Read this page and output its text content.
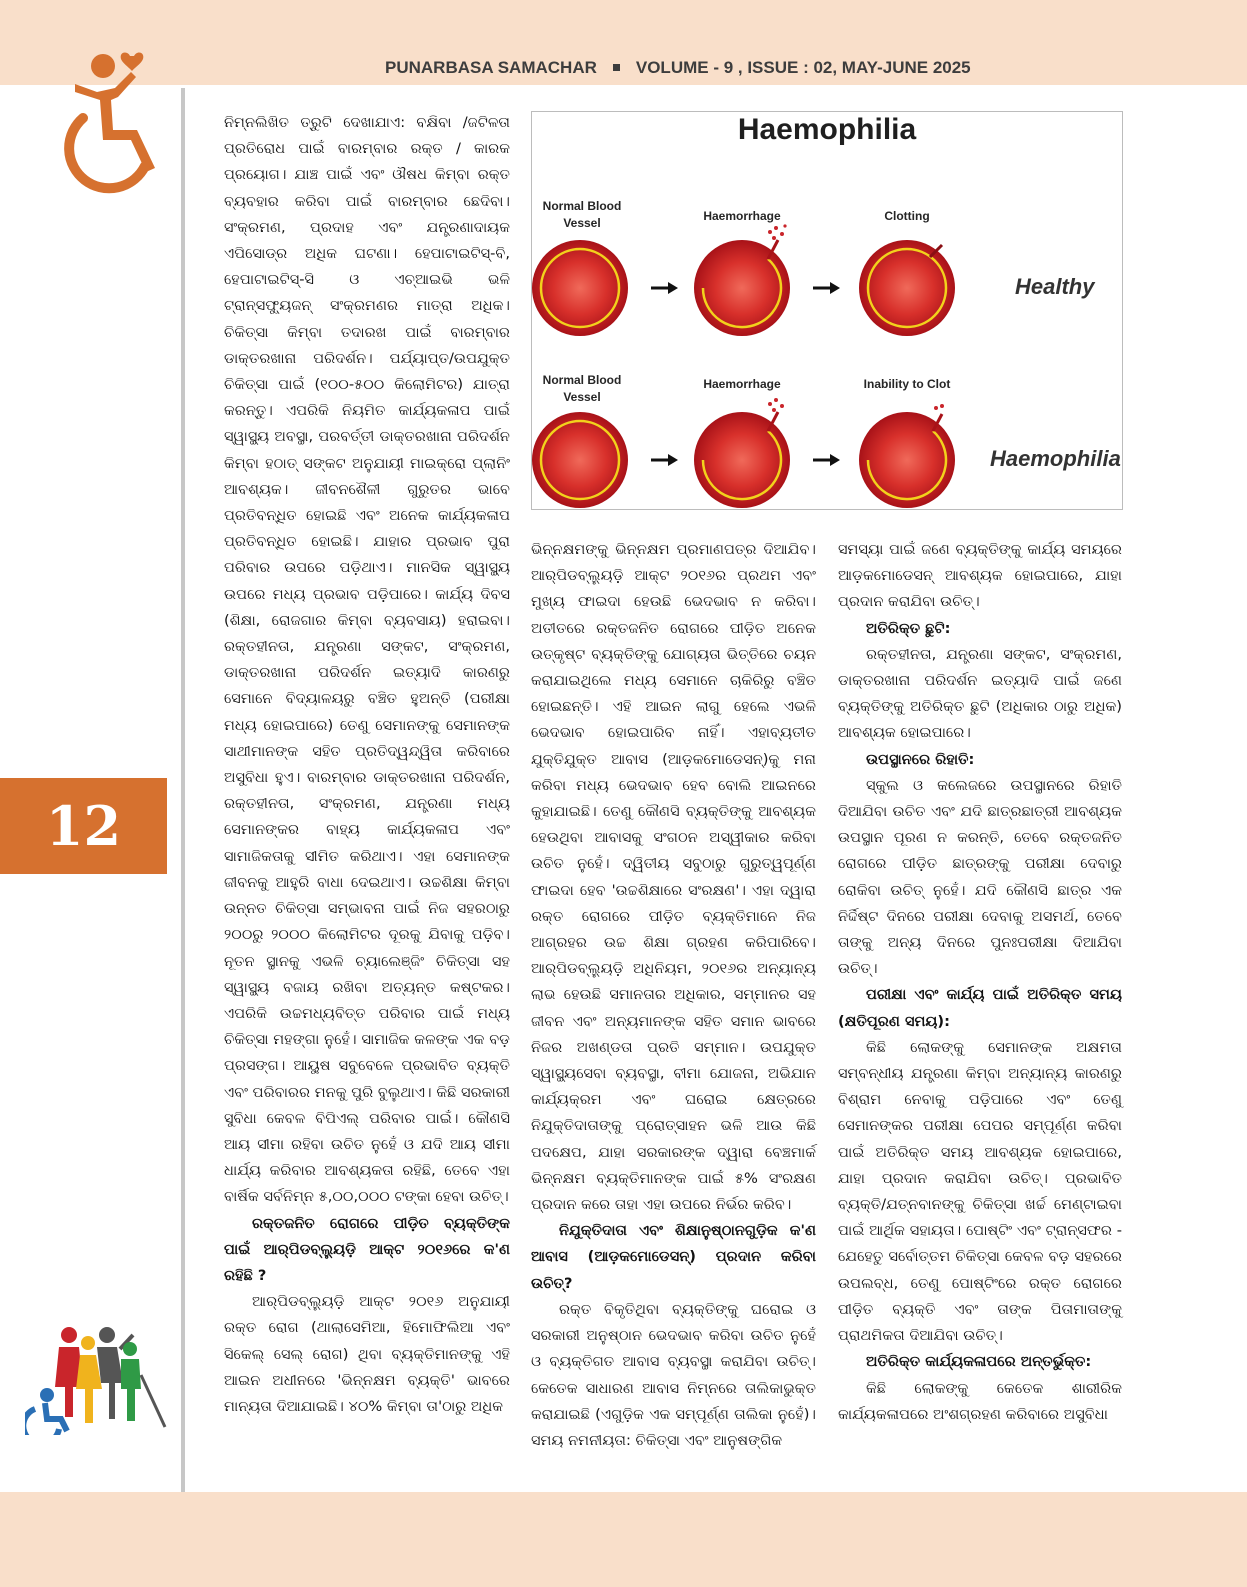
PUNARBASA SAMACHAR VOLUME - 9 , ISSUE : 02, MAY-JUNE 2025
12
Haemophilia
Normal Blood
Vessel	Haemorrhage	Clotting
Healthy
Normal Blood
Vessel
Haemorrhage	Inability to Clot
Haemophilia

ନିମ୍ନଲିଖିତ ତ୍ରୁଟି ଦେଖାଯାଏ: ବକ୍ଷିବା /ଜଟିଳତା ପ୍ରତିରୋଧ ପାଇଁ ବାରମ୍ବାର ରକ୍ତ / କାରକ ପ୍ରୟୋଗ। ଯାଞ୍ଚ ପାଇଁ ଏବଂ ଔଷଧ କିମ୍ବା ରକ୍ତ ବ୍ୟବହାର କରିବା ପାଇଁ ବାରମ୍ବାର ଛେଦିବା। ସଂକ୍ରମଣ, ପ୍ରଦାହ ଏବଂ ଯନ୍ତ୍ରଣାଦାୟକ ଏପିସୋଡ୍ର ଅଧିକ ଘଟଣା। ହେପାଟାଇଟିସ୍-ବି, ହେପାଟାଇଟିସ୍-ସି ଓ ଏଚ୍ଆଇଭି ଭଳି ଟ୍ରାନ୍ସଫ୍ୟୁଜନ୍ ସଂକ୍ରମଣର ମାତ୍ରା ଅଧିକ। ଚିକିତ୍ସା କିମ୍ବା ତଦାରଖ ପାଇଁ ବାରମ୍ବାର ଡାକ୍ତରଖାନା ପରିଦର୍ଶନ। ପର୍ଯ୍ୟାପ୍ତ/ଉପଯୁକ୍ତ ଚିକିତ୍ସା ପାଇଁ (୧୦୦-୫୦୦ କିଲୋମିଟର) ଯାତ୍ରା କରନ୍ତୁ। ଏପରିକି ନିୟମିତ କାର୍ଯ୍ୟକଳାପ ପାଇଁ ସ୍ୱାସ୍ଥ୍ୟ ଅବସ୍ଥା, ପରବର୍ତ୍ତୀ ଡାକ୍ତରଖାନା ପରିଦର୍ଶନ କିମ୍ବା ହଠାତ୍ ସଙ୍କଟ ଅନୁଯାୟୀ ମାଇକ୍ରୋ ପ୍ଲାନିଂ ଆବଶ୍ୟକ। ଜୀବନଶୈଳୀ ଗୁରୁତର ଭାବେ ପ୍ରତିବନ୍ଧିତ ହୋଇଛି ଏବଂ ଅନେକ କାର୍ଯ୍ୟକଳାପ ପ୍ରତିବନ୍ଧିତ ହୋଇଛି। ଯାହାର ପ୍ରଭାବ ପୁରା ପରିବାର ଉପରେ ପଡ଼ିଥାଏ। ମାନସିକ ସ୍ୱାସ୍ଥ୍ୟ ଉପରେ ମଧ୍ୟ ପ୍ରଭାବ ପଡ଼ିପାରେ। କାର୍ଯ୍ୟ ଦିବସ (ଶିକ୍ଷା, ରୋଜଗାର କିମ୍ବା ବ୍ୟବସାୟ) ହରାଇବା। ରକ୍ତହୀନତା, ଯନ୍ତ୍ରଣା ସଙ୍କଟ, ସଂକ୍ରମଣ, ଡାକ୍ତରଖାନା ପରିଦର୍ଶନ ଇତ୍ୟାଦି କାରଣରୁ ସେମାନେ ବିଦ୍ୟାଳୟରୁ ବଞ୍ଚିତ ହୁଅନ୍ତି (ପରୀକ୍ଷା ମଧ୍ୟ ହୋଇପାରେ) ତେଣୁ ସେମାନଙ୍କୁ ସେମାନଙ୍କ ସାଥୀମାନଙ୍କ ସହିତ ପ୍ରତିଦ୍ୱନ୍ଦ୍ୱିତା କରିବାରେ ଅସୁବିଧା ହୁଏ। ବାରମ୍ବାର ଡାକ୍ତରଖାନା ପରିଦର୍ଶନ, ରକ୍ତହୀନତା, ସଂକ୍ରମଣ, ଯନ୍ତ୍ରଣା ମଧ୍ୟ ସେମାନଙ୍କର ବାହ୍ୟ କାର୍ଯ୍ୟକଳାପ ଏବଂ ସାମାଜିକତାକୁ ସୀମିତ କରିଥାଏ। ଏହା ସେମାନଙ୍କ ଜୀବନକୁ ଆହୁରି ବାଧା ଦେଇଥାଏ। ଉଚ୍ଚଶିକ୍ଷା କିମ୍ବା ଉନ୍ନତ ଚିକିତ୍ସା ସମ୍ଭାବନା ପାଇଁ ନିଜ ସହରଠାରୁ ୨୦୦ରୁ ୨୦୦୦ କିଲୋମିଟର ଦୂରକୁ ଯିବାକୁ ପଡ଼ିବ। ନୂତନ ସ୍ଥାନକୁ ଏଭଳି ଚ୍ୟାଲେଞ୍ଜିଂ ଚିକିତ୍ସା ସହ ସ୍ୱାସ୍ଥ୍ୟ ବଜାୟ ରଖିବା ଅତ୍ୟନ୍ତ କଷ୍ଟକର। ଏପରିକି ଉଚ୍ଚମଧ୍ୟବିତ୍ତ ପରିବାର ପାଇଁ ମଧ୍ୟ ଚିକିତ୍ସା ମହଙ୍ଗା ନୁହେଁ। ସାମାଜିକ କଳଙ୍କ ଏକ ବଡ଼ ପ୍ରସଙ୍ଗ। ଆୟୁଷ ସବୁବେଳେ ପ୍ରଭାବିତ ବ୍ୟକ୍ତି ଏବଂ ପରିବାରର ମନକୁ ପୁରି ବୁଲୁଥାଏ। କିଛି ସରକାରୀ ସୁବିଧା କେବଳ ବିପିଏଲ୍ ପରିବାର ପାଇଁ। କୌଣସି ଆୟ ସୀମା ରହିବା ଉଚିତ ନୁହେଁ ଓ ଯଦି ଆୟ ସୀମା ଧାର୍ଯ୍ୟ କରିବାର ଆବଶ୍ୟକତା ରହିଛି, ତେବେ ଏହା ବାର୍ଷିକ ସର୍ବନିମ୍ନ ୫,୦୦,୦୦୦ ଟଙ୍କା ହେବା ଉଚିତ୍।

ରକ୍ତଜନିତ ରୋଗରେ ପୀଡ଼ିତ ବ୍ୟକ୍ତିଙ୍କ ପାଇଁ ଆର୍‌ପିଡବ୍ଲ୍ୟୁଡ଼ି ଆକ୍ଟ ୨୦୧୬ରେ କ'ଣ ରହିଛି ?

ଆର୍‌ପିଡବ୍ଲ୍ୟୁଡ଼ି ଆକ୍ଟ ୨୦୧୬ ଅନୁଯାୟୀ ରକ୍ତ ରୋଗ (ଥାଲାସେମିଆ, ହିମୋଫିଲିଆ ଏବଂ ସିକେଲ୍ ସେଲ୍ ରୋଗ) ଥିବା ବ୍ୟକ୍ତିମାନଙ୍କୁ ଏହି ଆଇନ ଅଧୀନରେ 'ଭିନ୍ନକ୍ଷମ ବ୍ୟକ୍ତି' ଭାବରେ ମାନ୍ୟତା ଦିଆଯାଇଛି। ୪୦% କିମ୍ବା ତା'ଠାରୁ ଅଧିକ

ଭିନ୍ନକ୍ଷମଙ୍କୁ ଭିନ୍ନକ୍ଷମ ପ୍ରମାଣପତ୍ର ଦିଆଯିବ। ଆର୍‌ପିଡବ୍ଲ୍ୟୁଡ଼ି ଆକ୍ଟ ୨୦୧୬ର ପ୍ରଥମ ଏବଂ ମୁଖ୍ୟ ଫାଇଦା ହେଉଛି ଭେଦଭାବ ନ କରିବା। ଅତୀତରେ ରକ୍ତଜନିତ ରୋଗରେ ପୀଡ଼ିତ ଅନେକ ଉତ୍କୃଷ୍ଟ ବ୍ୟକ୍ତିଙ୍କୁ ଯୋଗ୍ୟତା ଭିତ୍ତିରେ ଚୟନ କରାଯାଇଥିଲେ ମଧ୍ୟ ସେମାନେ ଚାକିରିରୁ ବଞ୍ଚିତ ହୋଇଛନ୍ତି। ଏହି ଆଇନ ଲାଗୁ ହେଲେ ଏଭଳି ଭେଦଭାବ ହୋଇପାରିବ ନାହିଁ। ଏହାବ୍ୟତୀତ ଯୁକ୍ତିଯୁକ୍ତ ଆବାସ (ଆଡ଼କମୋଡେସନ୍)କୁ ମନା କରିବା ମଧ୍ୟ ଭେଦଭାବ ହେବ ବୋଲି ଆଇନରେ କୁହାଯାଇଛି। ତେଣୁ କୌଣସି ବ୍ୟକ୍ତିଙ୍କୁ ଆବଶ୍ୟକ ହେଉଥିବା ଆବାସକୁ ସଂଗଠନ ଅସ୍ୱୀକାର କରିବା ଉଚିତ ନୁହେଁ। ଦ୍ୱିତୀୟ ସବୁଠାରୁ ଗୁରୁତ୍ୱପୂର୍ଣ୍ଣ ଫାଇଦା ହେବ 'ଉଚ୍ଚଶିକ୍ଷାରେ ସଂରକ୍ଷଣ'। ଏହା ଦ୍ୱାରା ରକ୍ତ ରୋଗରେ ପୀଡ଼ିତ ବ୍ୟକ୍ତିମାନେ ନିଜ ଆଗ୍ରହର ଉଚ୍ଚ ଶିକ୍ଷା ଗ୍ରହଣ କରିପାରିବେ। ଆର୍‌ପିଡବ୍ଲ୍ୟୁଡ଼ି ଅଧିନିୟମ, ୨୦୧୬ର ଅନ୍ୟାନ୍ୟ ଲାଭ ହେଉଛି ସମାନତାର ଅଧିକାର, ସମ୍ମାନର ସହ ଜୀବନ ଏବଂ ଅନ୍ୟମାନଙ୍କ ସହିତ ସମାନ ଭାବରେ ନିଜର ଅଖଣ୍ଡତା ପ୍ରତି ସମ୍ମାନ। ଉପଯୁକ୍ତ ସ୍ୱାସ୍ଥ୍ୟସେବା ବ୍ୟବସ୍ଥା, ବୀମା ଯୋଜନା, ଅଭିଯାନ କାର୍ଯ୍ୟକ୍ରମ ଏବଂ ଘରୋଇ କ୍ଷେତ୍ରରେ ନିଯୁକ୍ତିଦାତାଙ୍କୁ ପ୍ରୋତ୍ସାହନ ଭଳି ଆଉ କିଛି ପଦକ୍ଷେପ, ଯାହା ସରକାରଙ୍କ ଦ୍ୱାରା ବେଞ୍ଚମାର୍କ ଭିନ୍ନକ୍ଷମ ବ୍ୟକ୍ତିମାନଙ୍କ ପାଇଁ ୫% ସଂରକ୍ଷଣ ପ୍ରଦାନ କରେ ତାହା ଏହା ଉପରେ ନିର୍ଭର କରିବ।

ନିଯୁକ୍ତିଦାତା ଏବଂ ଶିକ୍ଷାନୁଷ୍ଠାନଗୁଡ଼ିକ କ'ଣ ଆବାସ (ଆଡ଼କମୋଡେସନ୍) ପ୍ରଦାନ କରିବା ଉଚିତ୍?

ରକ୍ତ ବିକୃତିଥିବା ବ୍ୟକ୍ତିଙ୍କୁ ଘରୋଇ ଓ ସରକାରୀ ଅନୁଷ୍ଠାନ ଭେଦଭାବ କରିବା ଉଚିତ ନୁହେଁ ଓ ବ୍ୟକ୍ତିଗତ ଆବାସ ବ୍ୟବସ୍ଥା କରାଯିବା ଉଚିତ୍। କେତେକ ସାଧାରଣ ଆବାସ ନିମ୍ନରେ ତାଲିକାଭୁକ୍ତ କରାଯାଇଛି (ଏଗୁଡ଼ିକ ଏକ ସମ୍ପୂର୍ଣ୍ଣ ତାଲିକା ନୁହେଁ)। ସମୟ ନମନୀୟତା: ଚିକିତ୍ସା ଏବଂ ଆନୁଷଙ୍ଗିକ

ସମସ୍ୟା ପାଇଁ ଜଣେ ବ୍ୟକ୍ତିଙ୍କୁ କାର୍ଯ୍ୟ ସମୟରେ ଆଡ଼କମୋଡେସନ୍ ଆବଶ୍ୟକ ହୋଇପାରେ, ଯାହା ପ୍ରଦାନ କରାଯିବା ଉଚିତ୍।

ଅତିରିକ୍ତ ଛୁଟି:

ରକ୍ତହୀନତା, ଯନ୍ତ୍ରଣା ସଙ୍କଟ, ସଂକ୍ରମଣ, ଡାକ୍ତରଖାନା ପରିଦର୍ଶନ ଇତ୍ୟାଦି ପାଇଁ ଜଣେ ବ୍ୟକ୍ତିଙ୍କୁ ଅତିରିକ୍ତ ଛୁଟି (ଅଧିକାର ଠାରୁ ଅଧିକ) ଆବଶ୍ୟକ ହୋଇପାରେ।

ଉପସ୍ଥାନରେ ରିହାତି:

ସ୍କୁଲ ଓ କଲେଜରେ ଉପସ୍ଥାନରେ ରିହାତି ଦିଆଯିବା ଉଚିତ ଏବଂ ଯଦି ଛାତ୍ରଛାତ୍ରୀ ଆବଶ୍ୟକ ଉପସ୍ଥାନ ପୂରଣ ନ କରନ୍ତି, ତେବେ ରକ୍ତଜନିତ ରୋଗରେ ପୀଡ଼ିତ ଛାତ୍ରଙ୍କୁ ପରୀକ୍ଷା ଦେବାରୁ ରୋକିବା ଉଚିତ୍ ନୁହେଁ। ଯଦି କୌଣସି ଛାତ୍ର ଏକ ନିର୍ଦ୍ଦିଷ୍ଟ ଦିନରେ ପରୀକ୍ଷା ଦେବାକୁ ଅସମର୍ଥ, ତେବେ ତାଙ୍କୁ ଅନ୍ୟ ଦିନରେ ପୁନଃପରୀକ୍ଷା ଦିଆଯିବା ଉଚିତ୍।

ପରୀକ୍ଷା ଏବଂ କାର୍ଯ୍ୟ ପାଇଁ ଅତିରିକ୍ତ ସମୟ (କ୍ଷତିପୂରଣ ସମୟ):

କିଛି ଲୋକଙ୍କୁ ସେମାନଙ୍କ ଅକ୍ଷମତା ସମ୍ବନ୍ଧୀୟ ଯନ୍ତ୍ରଣା କିମ୍ବା ଅନ୍ୟାନ୍ୟ କାରଣରୁ ବିଶ୍ରାମ ନେବାକୁ ପଡ଼ିପାରେ ଏବଂ ତେଣୁ ସେମାନଙ୍କର ପରୀକ୍ଷା ପେପର ସମ୍ପୂର୍ଣ୍ଣ କରିବା ପାଇଁ ଅତିରିକ୍ତ ସମୟ ଆବଶ୍ୟକ ହୋଇପାରେ, ଯାହା ପ୍ରଦାନ କରାଯିବା ଉଚିତ୍। ପ୍ରଭାବିତ ବ୍ୟକ୍ତି/ଯତ୍ନବାନଙ୍କୁ ଚିକିତ୍ସା ଖର୍ଚ୍ଚ ମେଣ୍ଟାଇବା ପାଇଁ ଆର୍ଥିକ ସହାୟତା। ପୋଷ୍ଟିଂ ଏବଂ ଟ୍ରାନ୍ସଫର - ଯେହେତୁ ସର୍ବୋତ୍ତମ ଚିକିତ୍ସା କେବଳ ବଡ଼ ସହରରେ ଉପଲବ୍ଧ, ତେଣୁ ପୋଷ୍ଟିଂରେ ରକ୍ତ ରୋଗରେ ପୀଡ଼ିତ ବ୍ୟକ୍ତି ଏବଂ ତାଙ୍କ ପିତାମାତାଙ୍କୁ ପ୍ରାଥମିକତା ଦିଆଯିବା ଉଚିତ୍।

ଅତିରିକ୍ତ କାର୍ଯ୍ୟକଳାପରେ ଅନ୍ତର୍ଭୁକ୍ତ:

କିଛି ଲୋକଙ୍କୁ କେତେକ ଶାରୀରିକ କାର୍ଯ୍ୟକଳାପରେ ଅଂଶଗ୍ରହଣ କରିବାରେ ଅସୁବିଧା
